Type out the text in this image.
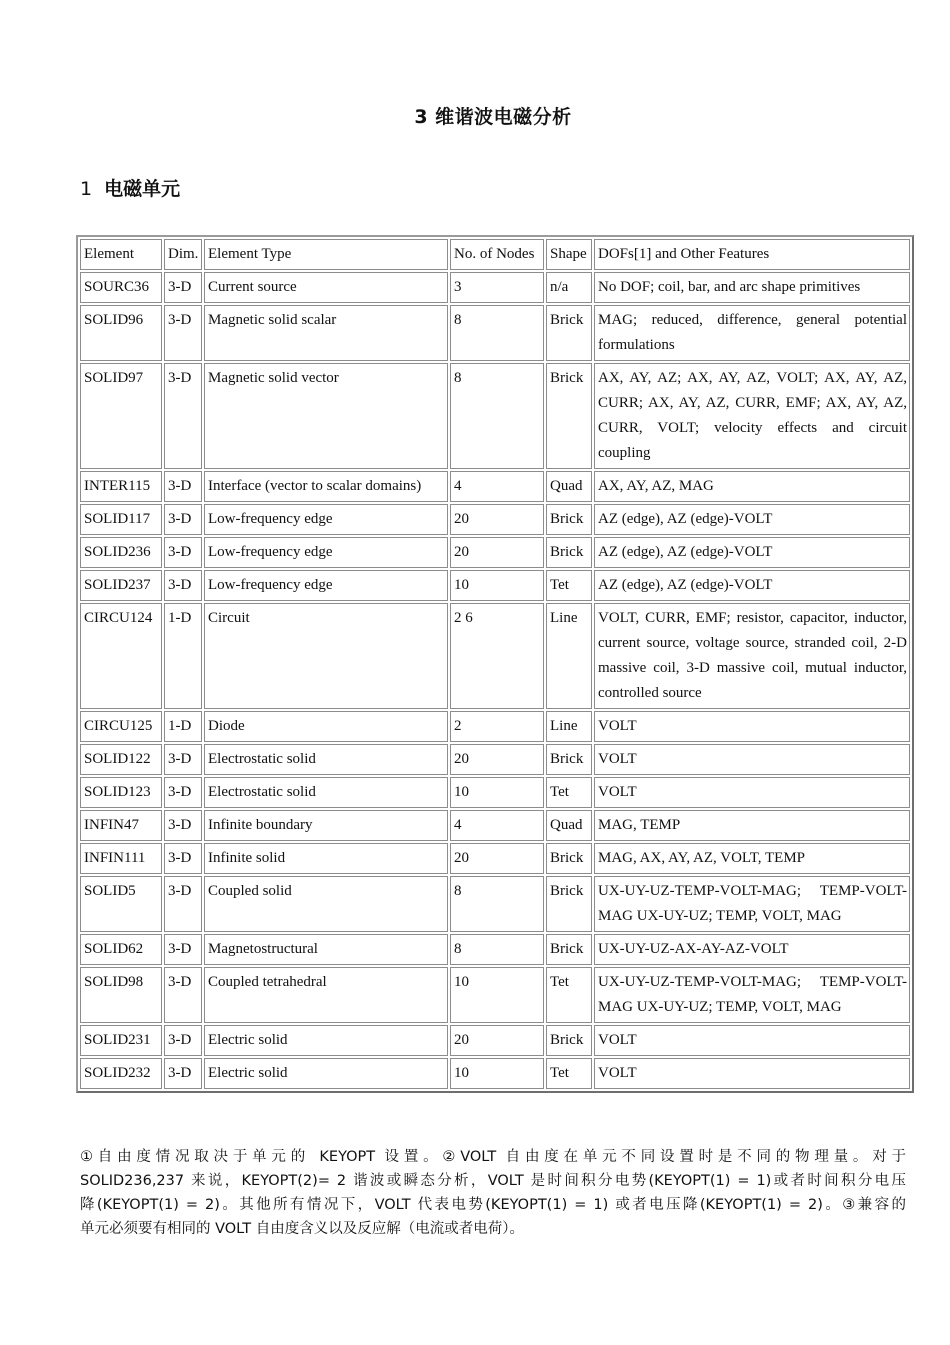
3 维谐波电磁分析
1 电磁单元
Element	Dim.	Element Type	No. of Nodes	Shape	DOFs[1] and Other Features
SOURC36	3-D	Current source	3	n/a	No DOF; coil, bar, and arc shape primitives
SOLID96	3-D	Magnetic solid scalar	8	Brick	MAG; reduced, difference, general potential formulations
SOLID97	3-D	Magnetic solid vector	8	Brick	AX, AY, AZ; AX, AY, AZ, VOLT; AX, AY, AZ, CURR; AX, AY, AZ, CURR, EMF; AX, AY, AZ, CURR, VOLT; velocity effects and circuit coupling
INTER115	3-D	Interface (vector to scalar domains)	4	Quad	AX, AY, AZ, MAG
SOLID117	3-D	Low-frequency edge	20	Brick	AZ (edge), AZ (edge)-VOLT
SOLID236	3-D	Low-frequency edge	20	Brick	AZ (edge), AZ (edge)-VOLT
SOLID237	3-D	Low-frequency edge	10	Tet	AZ (edge), AZ (edge)-VOLT
CIRCU124	1-D	Circuit	2 6	Line	VOLT, CURR, EMF; resistor, capacitor, inductor, current source, voltage source, stranded coil, 2-D massive coil, 3-D massive coil, mutual inductor, controlled source
CIRCU125	1-D	Diode	2	Line	VOLT
SOLID122	3-D	Electrostatic solid	20	Brick	VOLT
SOLID123	3-D	Electrostatic solid	10	Tet	VOLT
INFIN47	3-D	Infinite boundary	4	Quad	MAG, TEMP
INFIN111	3-D	Infinite solid	20	Brick	MAG, AX, AY, AZ, VOLT, TEMP
SOLID5	3-D	Coupled solid	8	Brick	UX-UY-UZ-TEMP-VOLT-MAG; TEMP-VOLT-MAG UX-UY-UZ; TEMP, VOLT, MAG
SOLID62	3-D	Magnetostructural	8	Brick	UX-UY-UZ-AX-AY-AZ-VOLT
SOLID98	3-D	Coupled tetrahedral	10	Tet	UX-UY-UZ-TEMP-VOLT-MAG; TEMP-VOLT-MAG UX-UY-UZ; TEMP, VOLT, MAG
SOLID231	3-D	Electric solid	20	Brick	VOLT
SOLID232	3-D	Electric solid	10	Tet	VOLT
①自由度情况取决于单元的 KEYOPT 设置。②VOLT 自由度在单元不同设置时是不同的物理量。对于
SOLID236,237 来说，KEYOPT(2)= 2 谐波或瞬态分析，VOLT 是时间积分电势(KEYOPT(1) = 1)或者时间积分电压
降(KEYOPT(1) = 2)。其他所有情况下，VOLT 代表电势(KEYOPT(1) = 1) 或者电压降(KEYOPT(1) = 2)。③兼容的
单元必须要有相同的 VOLT 自由度含义以及反应解（电流或者电荷）。
